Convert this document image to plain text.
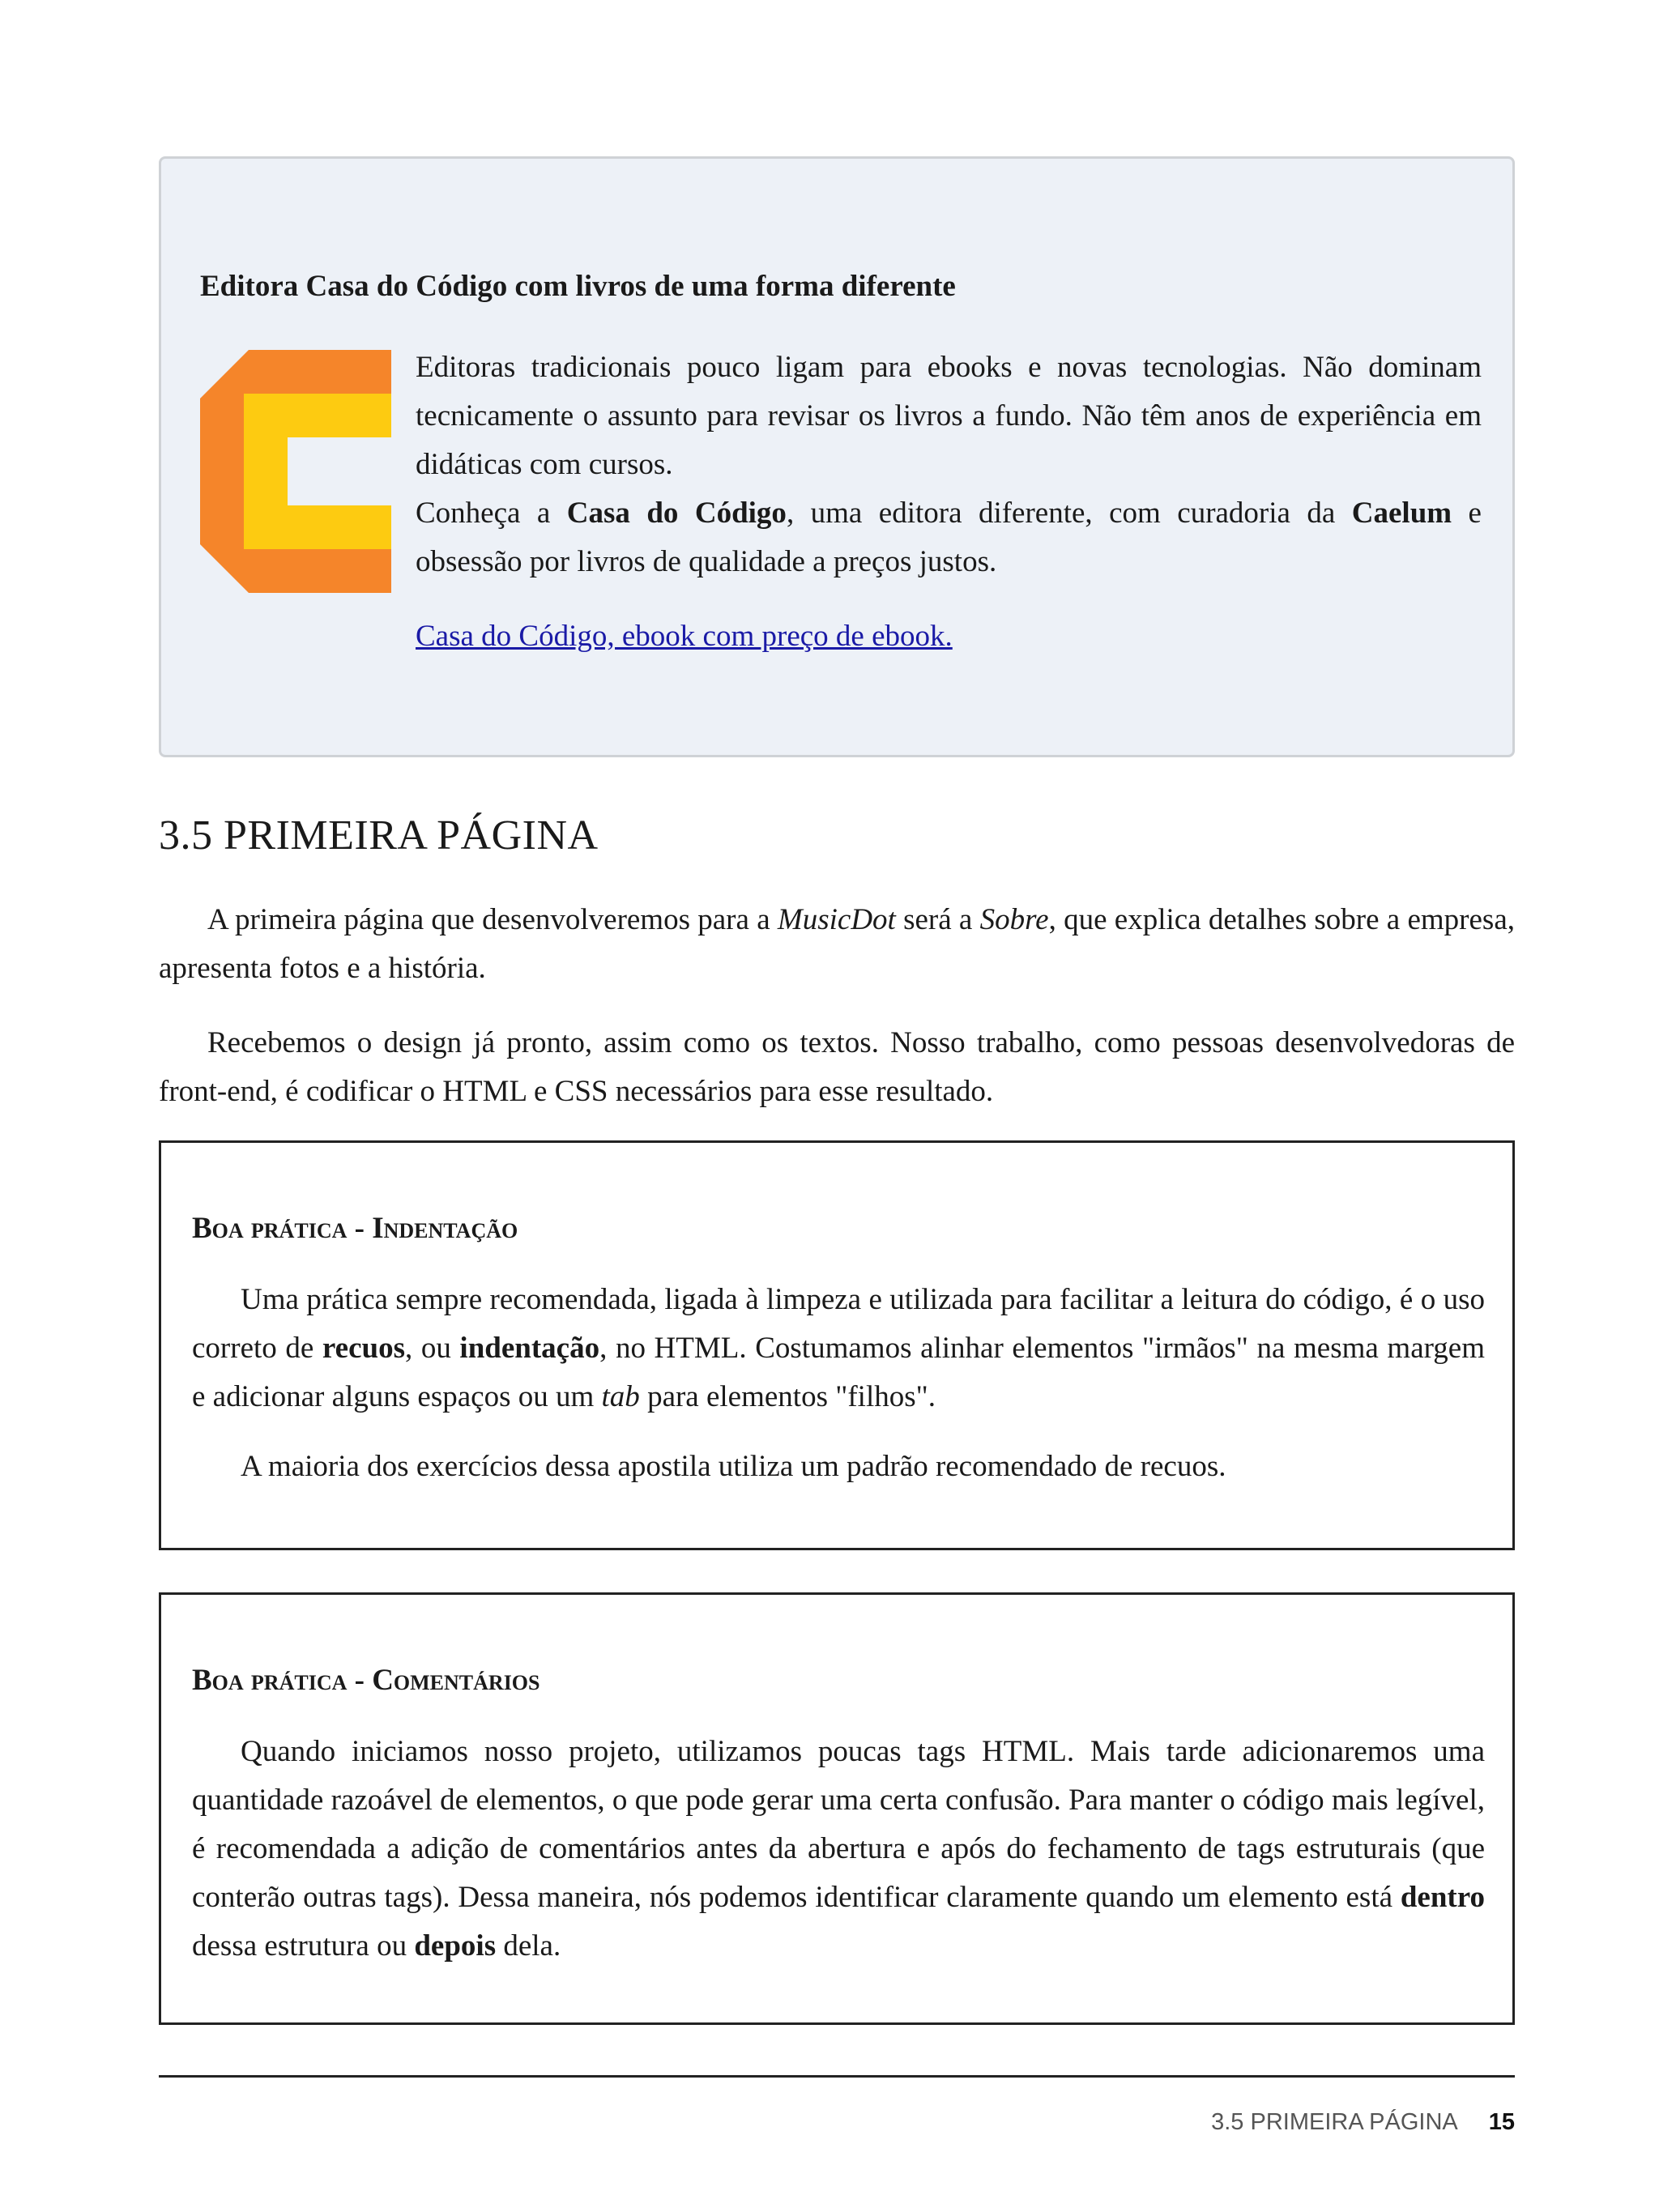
Editora Casa do Código com livros de uma forma diferente

Editoras tradicionais pouco ligam para ebooks e novas tecnologias. Não dominam tecnicamente o assunto para revisar os livros a fundo. Não têm anos de experiência em didáticas com cursos.

Conheça a Casa do Código, uma editora diferente, com curadoria da Caelum e obsessão por livros de qualidade a preços justos.

Casa do Código, ebook com preço de ebook.
3.5 PRIMEIRA PÁGINA

A primeira página que desenvolveremos para a MusicDot será a Sobre, que explica detalhes sobre a empresa, apresenta fotos e a história.

Recebemos o design já pronto, assim como os textos. Nosso trabalho, como pessoas desenvolvedoras de front-end, é codificar o HTML e CSS necessários para esse resultado.

Boa prática - Indentação

Uma prática sempre recomendada, ligada à limpeza e utilizada para facilitar a leitura do código, é o uso correto de recuos, ou indentação, no HTML. Costumamos alinhar elementos "irmãos" na mesma margem e adicionar alguns espaços ou um tab para elementos "filhos".

A maioria dos exercícios dessa apostila utiliza um padrão recomendado de recuos.

Boa prática - Comentários

Quando iniciamos nosso projeto, utilizamos poucas tags HTML. Mais tarde adicionaremos uma quantidade razoável de elementos, o que pode gerar uma certa confusão. Para manter o código mais legível, é recomendada a adição de comentários antes da abertura e após do fechamento de tags estruturais (que conterão outras tags). Dessa maneira, nós podemos identificar claramente quando um elemento está dentro dessa estrutura ou depois dela.

3.5 PRIMEIRA PÁGINA 15
